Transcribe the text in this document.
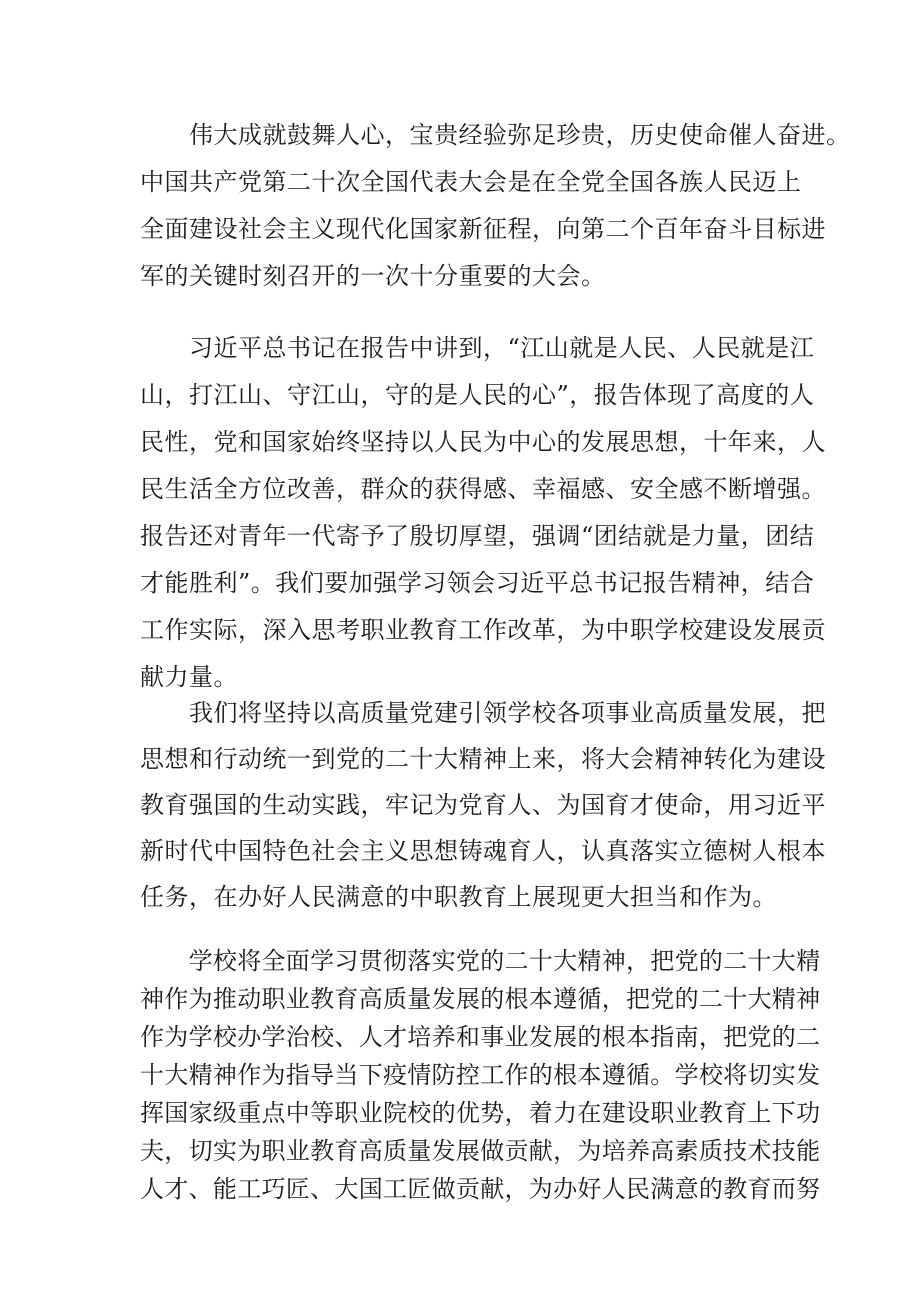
　　伟大成就鼓舞人心，宝贵经验弥足珍贵，历史使命催人奋进。
中国共产党第二十次全国代表大会是在全党全国各族人民迈上
全面建设社会主义现代化国家新征程，向第二个百年奋斗目标进
军的关键时刻召开的一次十分重要的大会。
　　习近平总书记在报告中讲到，“江山就是人民、人民就是江
山，打江山、守江山，守的是人民的心”，报告体现了高度的人
民性，党和国家始终坚持以人民为中心的发展思想，十年来，人
民生活全方位改善，群众的获得感、幸福感、安全感不断增强。
报告还对青年一代寄予了殷切厚望，强调“团结就是力量，团结
才能胜利”。我们要加强学习领会习近平总书记报告精神，结合
工作实际，深入思考职业教育工作改革，为中职学校建设发展贡
献力量。
　　我们将坚持以高质量党建引领学校各项事业高质量发展，把
思想和行动统一到党的二十大精神上来，将大会精神转化为建设
教育强国的生动实践，牢记为党育人、为国育才使命，用习近平
新时代中国特色社会主义思想铸魂育人，认真落实立德树人根本
任务，在办好人民满意的中职教育上展现更大担当和作为。
　　学校将全面学习贯彻落实党的二十大精神，把党的二十大精
神作为推动职业教育高质量发展的根本遵循，把党的二十大精神
作为学校办学治校、人才培养和事业发展的根本指南，把党的二
十大精神作为指导当下疫情防控工作的根本遵循。学校将切实发
挥国家级重点中等职业院校的优势，着力在建设职业教育上下功
夫，切实为职业教育高质量发展做贡献，为培养高素质技术技能
人才、能工巧匠、大国工匠做贡献，为办好人民满意的教育而努
